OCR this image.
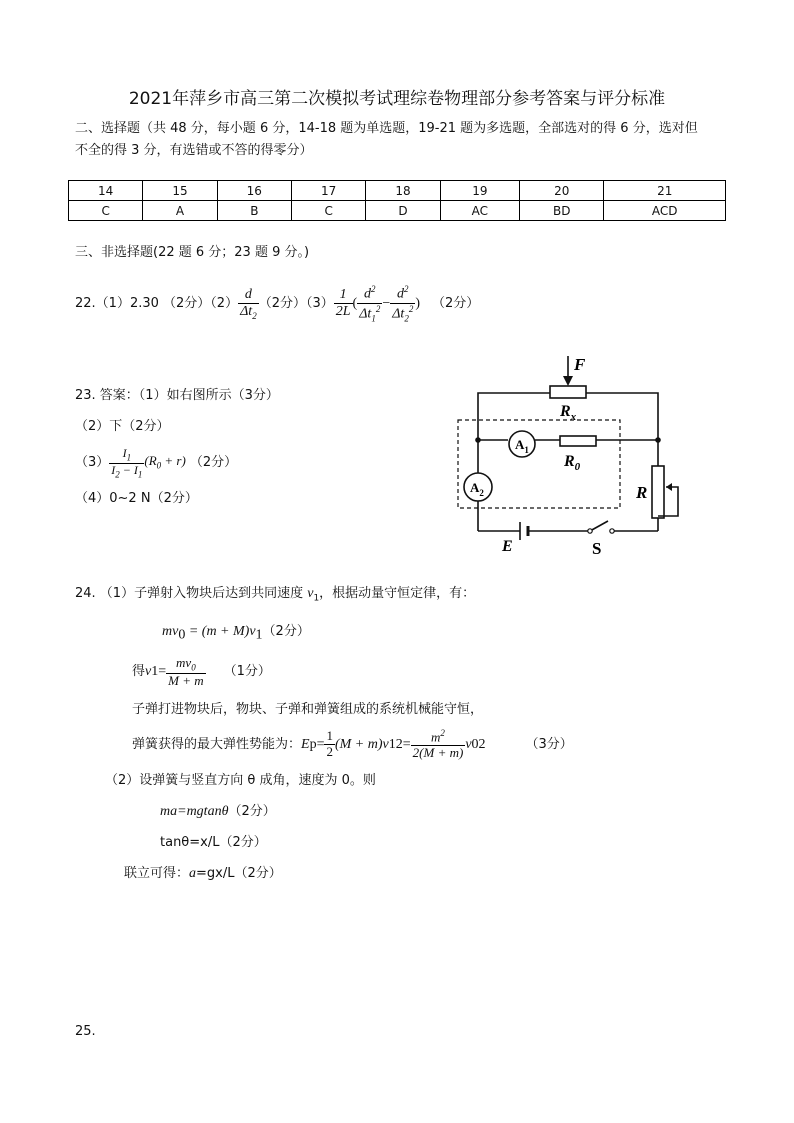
2021年萍乡市高三第二次模拟考试理综卷物理部分参考答案与评分标准
二、选择题（共 48 分，每小题 6 分，14-18 题为单选题，19-21 题为多选题，全部选对的得 6 分，选对但
不全的得 3 分，有选错或不答的得零分）
14	15	16	17	18	19	20	21
C	A	B	C	D	AC	BD	ACD
三、非选择题(22 题 6 分；23 题 9 分。)
22.（1）2.30 （2分）$(2) \frac{d}{\Delta t_2} (2$分）$(3) \frac{1}{2L}$ ( $\frac{d^2}{\Delta t_1^2} - \frac{d^2}{\Delta t_2^2}$ ) （2分）
23. 答案：（1）如右图所示（3分）
（2）下（2分）
$(3) \frac{I_1}{I_2 - I_1} (R_0 + r)$ （2分）
（4）0~2 N（2分）
F
$R_x$
$A_1$
$R_0$
$A_2$	R
E	S
24. （1）子弹射入物块后达到共同速度 $v_1$，根据动量守恒定律，有：
$mv_0 = (m + M)v_1(2$分）
得 v $1 = \frac{mv_0}{M + m} (1$分）
子弹打进物块后，物块、子弹和弹簧组成的系统机械能守恒，
弹簧获得的最大弹性势能为： E $p = \frac{1}{2} (M + m)v$ 1 $2 = \frac{m^2}{2(M + m)}$ v 0 2	（3分）
（2）设弹簧与竖直方向 θ 成角，速度为 0。则
ma=mgtanθ（2分）
tanθ=x/L（2分）
联立可得：a=gx/L（2分）
25.
